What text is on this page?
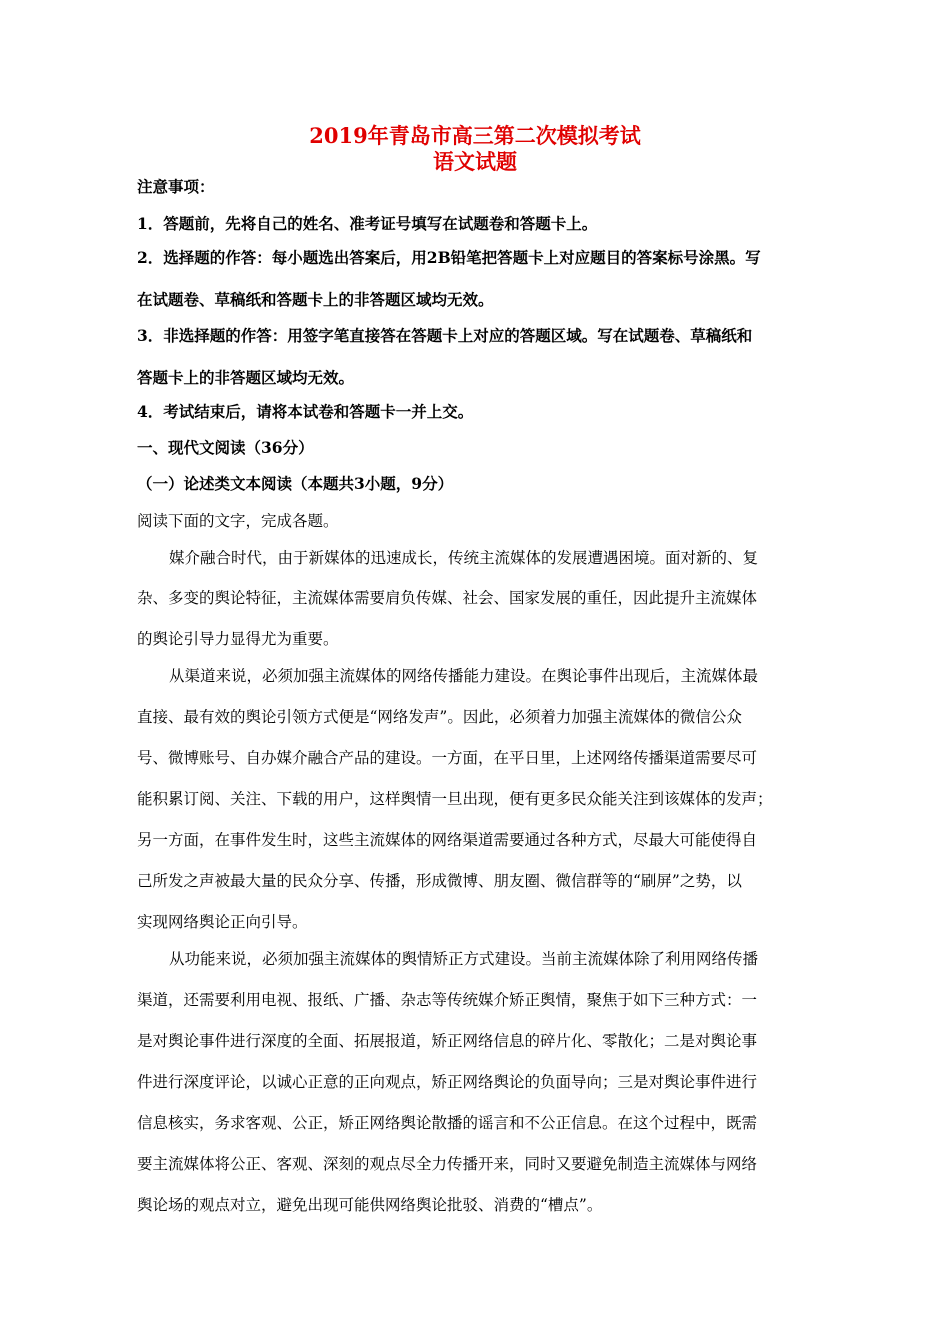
2019年青岛市高三第二次模拟考试
语文试题

注意事项：

1．答题前，先将自己的姓名、准考证号填写在试题卷和答题卡上。

2．选择题的作答：每小题选出答案后，用2B铅笔把答题卡上对应题目的答案标号涂黑。写

在试题卷、草稿纸和答题卡上的非答题区域均无效。

3．非选择题的作答：用签字笔直接答在答题卡上对应的答题区域。写在试题卷、草稿纸和

答题卡上的非答题区域均无效。

4．考试结束后，请将本试卷和答题卡一并上交。

一、现代文阅读（36分）

（一）论述类文本阅读（本题共3小题，9分）

阅读下面的文字，完成各题。

媒介融合时代，由于新媒体的迅速成长，传统主流媒体的发展遭遇困境。面对新的、复

杂、多变的舆论特征，主流媒体需要肩负传媒、社会、国家发展的重任，因此提升主流媒体

的舆论引导力显得尤为重要。

从渠道来说，必须加强主流媒体的网络传播能力建设。在舆论事件出现后，主流媒体最

直接、最有效的舆论引领方式便是“网络发声”。因此，必须着力加强主流媒体的微信公众

号、微博账号、自办媒介融合产品的建设。一方面，在平日里，上述网络传播渠道需要尽可

能积累订阅、关注、下载的用户，这样舆情一旦出现，便有更多民众能关注到该媒体的发声；

另一方面，在事件发生时，这些主流媒体的网络渠道需要通过各种方式，尽最大可能使得自

己所发之声被最大量的民众分享、传播，形成微博、朋友圈、微信群等的“刷屏”之势，以

实现网络舆论正向引导。

从功能来说，必须加强主流媒体的舆情矫正方式建设。当前主流媒体除了利用网络传播

渠道，还需要利用电视、报纸、广播、杂志等传统媒介矫正舆情，聚焦于如下三种方式：一

是对舆论事件进行深度的全面、拓展报道，矫正网络信息的碎片化、零散化；二是对舆论事

件进行深度评论，以诚心正意的正向观点，矫正网络舆论的负面导向；三是对舆论事件进行

信息核实，务求客观、公正，矫正网络舆论散播的谣言和不公正信息。在这个过程中，既需

要主流媒体将公正、客观、深刻的观点尽全力传播开来，同时又要避免制造主流媒体与网络

舆论场的观点对立，避免出现可能供网络舆论批驳、消费的“槽点”。
